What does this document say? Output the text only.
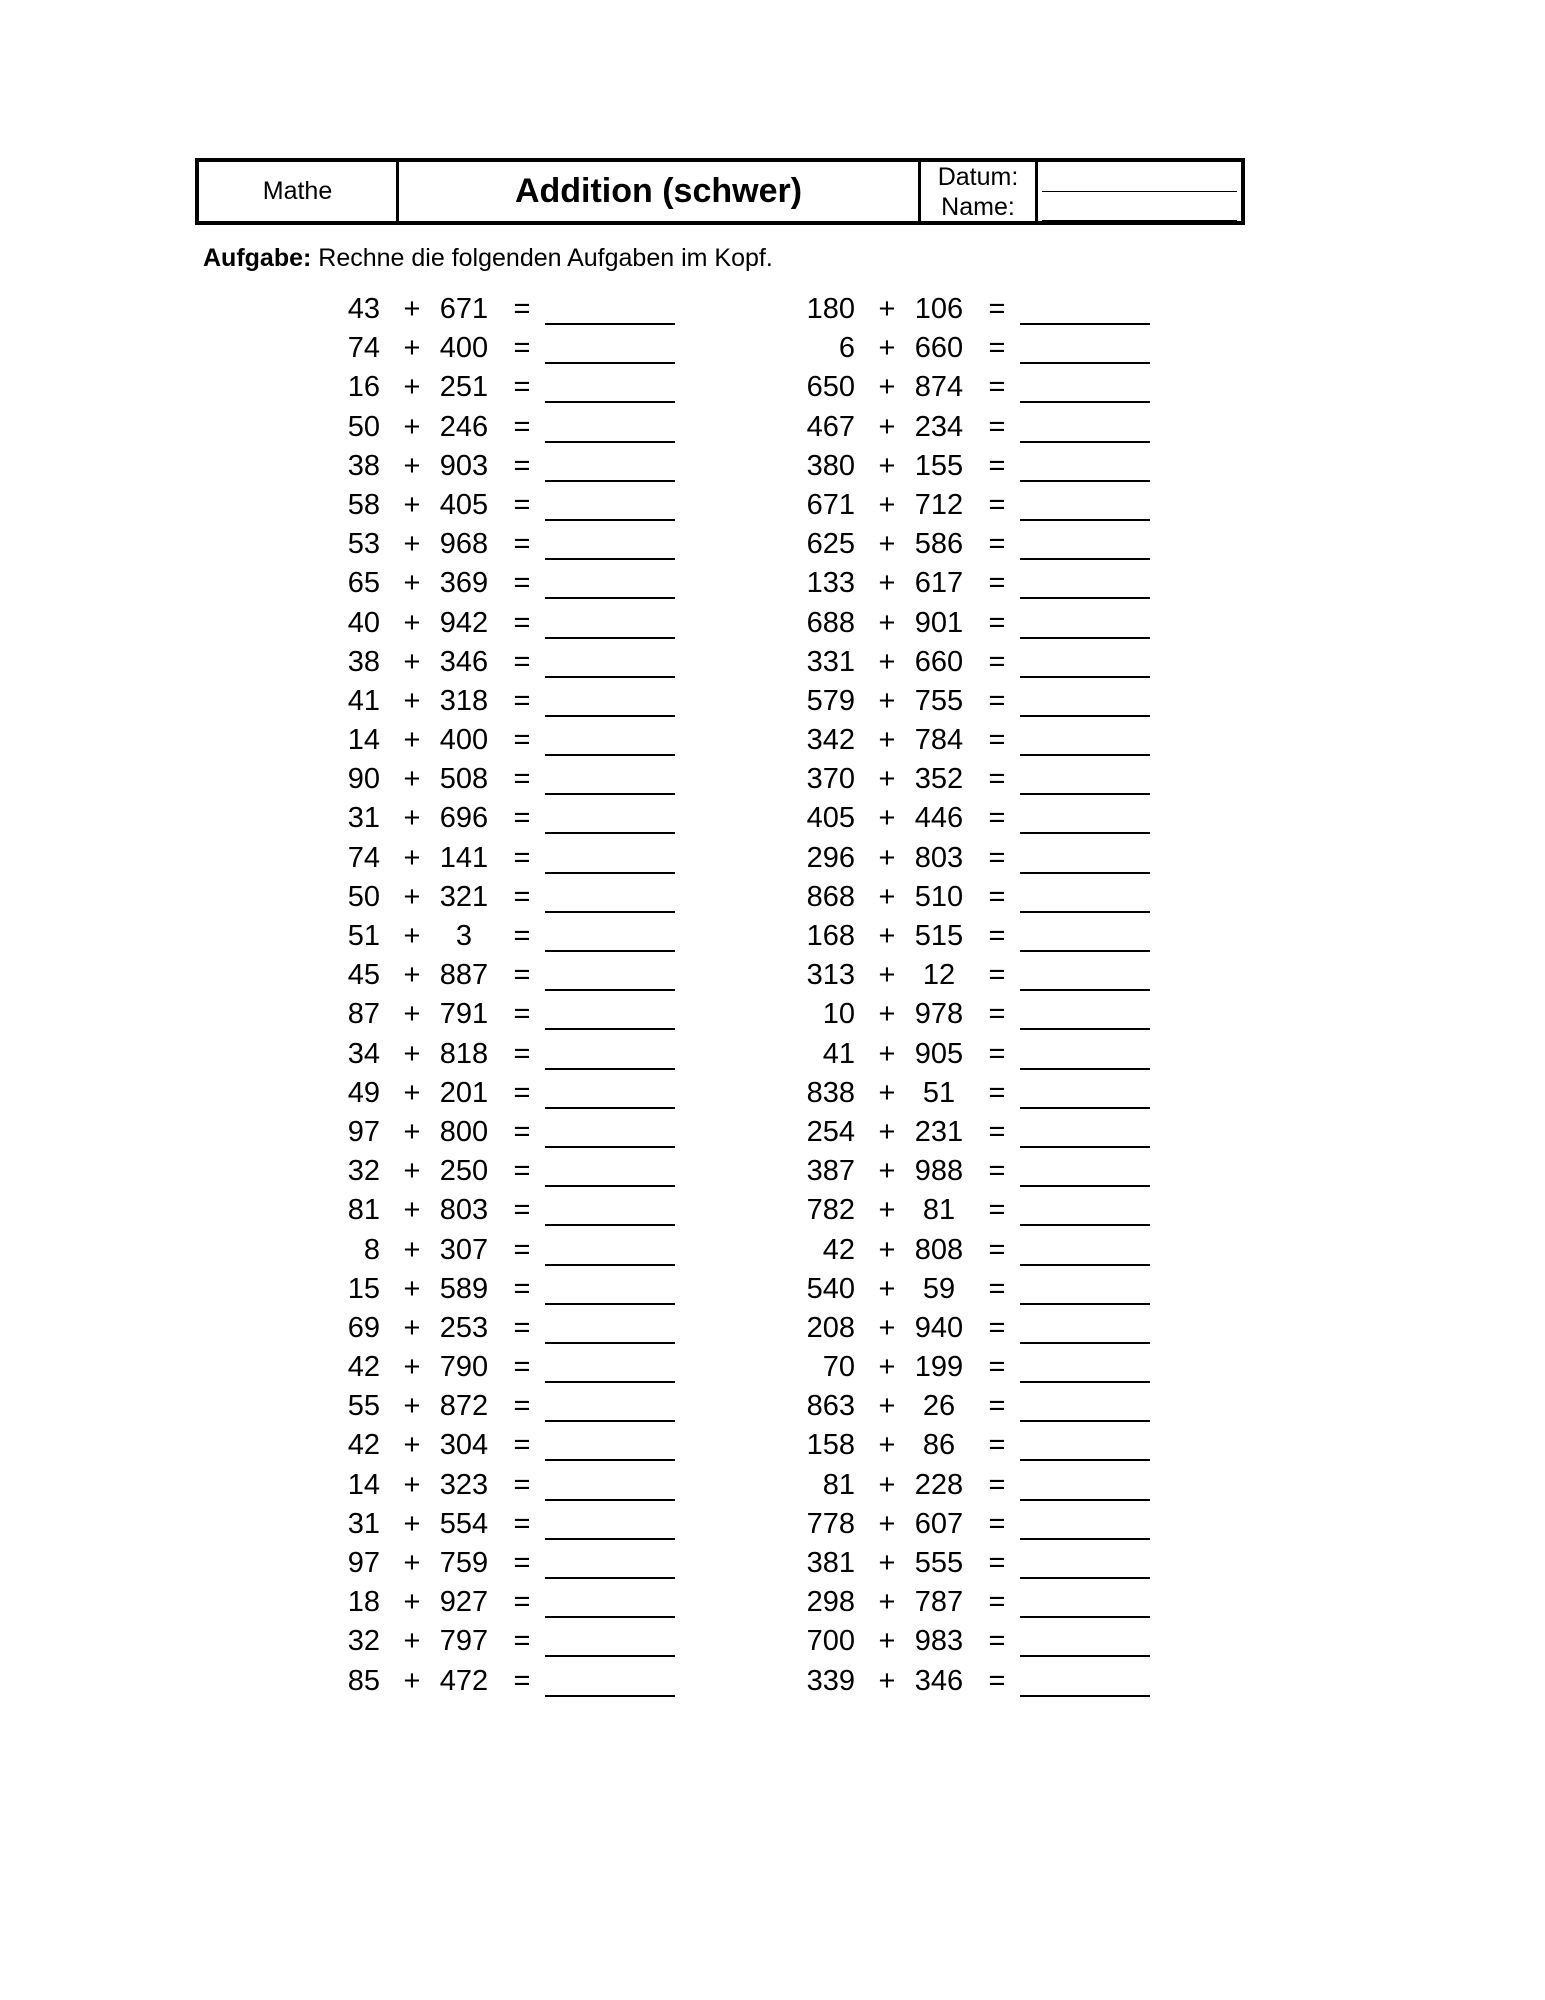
Mathe	Addition (schwer)	Datum:
Name:
Aufgabe: Rechne die folgenden Aufgaben im Kopf.
43 + 671 =
74 + 400 =
16 + 251 =
50 + 246 =
38 + 903 =
58 + 405 =
53 + 968 =
65 + 369 =
40 + 942 =
38 + 346 =
41 + 318 =
14 + 400 =
90 + 508 =
31 + 696 =
74 + 141 =
50 + 321 =
51 +	3	=
45 + 887 =
87 + 791 =
34 + 818 =
49 + 201 =
97 + 800 =
32 + 250 =
81 + 803 =
8 + 307 =
15 + 589 =
69 + 253 =
42 + 790 =
55 + 872 =
42 + 304 =
14 + 323 =
31 + 554 =
97 + 759 =
18 + 927 =
32 + 797 =
85 + 472 =
180 + 106 =
6 + 660 =
650 + 874 =
467 + 234 =
380 + 155 =
671 + 712 =
625 + 586 =
133 + 617 =
688 + 901 =
331 + 660 =
579 + 755 =
342 + 784 =
370 + 352 =
405 + 446 =
296 + 803 =
868 + 510 =
168 + 515 =
313 + 12	=
10 + 978 =
41 + 905 =
838 + 51	=
254 + 231 =
387 + 988 =
782 + 81	=
42 + 808 =
540 + 59	=
208 + 940 =
70 + 199 =
863 + 26	=
158 + 86	=
81 + 228 =
778 + 607 =
381 + 555 =
298 + 787 =
700 + 983 =
339 + 346 =
